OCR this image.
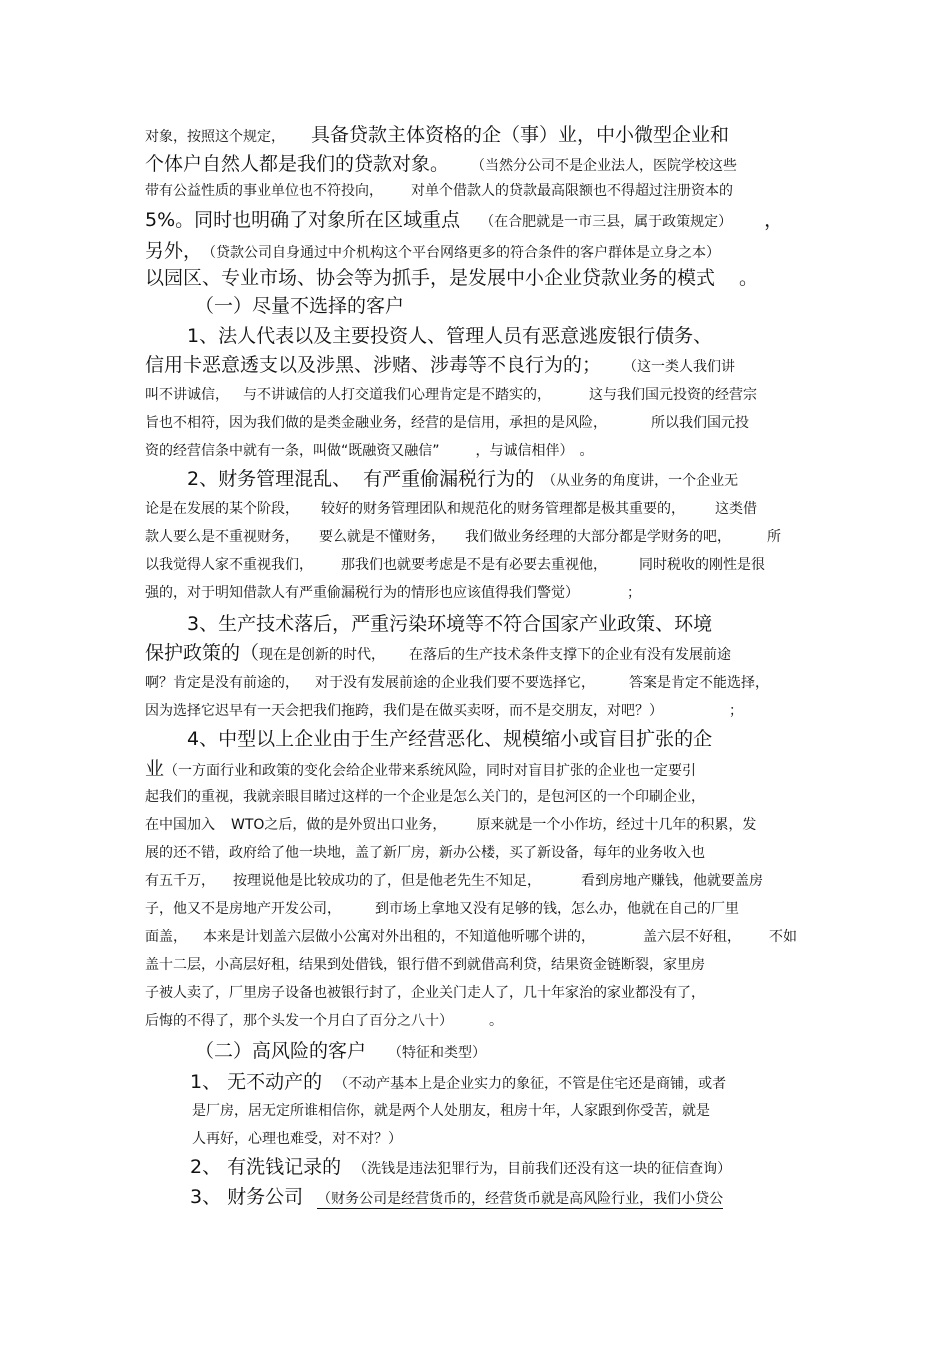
对象，按照这个规定， 具备贷款主体资格的企（事）业，中小微型企业和
个体户自然人都是我们的贷款对象。 （当然分公司不是企业法人，医院学校这些
带有公益性质的事业单位也不符投向， 对单个借款人的贷款最高限额也不得超过注册资本的
5%。同时也明确了对象所在区域重点 （在合肥就是一市三县，属于政策规定） ，
另外， （贷款公司自身通过中介机构这个平台网络更多的符合条件的客户群体是立身之本）
以园区、专业市场、协会等为抓手，是发展中小企业贷款业务的模式 。
（一）尽量不选择的客户
1、法人代表以及主要投资人、管理人员有恶意逃废银行债务、
信用卡恶意透支以及涉黑、涉赌、涉毒等不良行为的； （这一类人我们讲
叫不讲诚信， 与不讲诚信的人打交道我们心理肯定是不踏实的，	这与我们国元投资的经营宗
旨也不相符，因为我们做的是类金融业务，经营的是信用，承担的是风险，	所以我们国元投
资的经营信条中就有一条，叫做“既融资又融信”	，与诚信相伴） 。
2、财务管理混乱、 有严重偷漏税行为的 （从业务的角度讲，一个企业无
论是在发展的某个阶段， 较好的财务管理团队和规范化的财务管理都是极其重要的， 这类借
款人要么是不重视财务， 要么就是不懂财务， 我们做业务经理的大部分都是学财务的吧，	所
以我觉得人家不重视我们， 那我们也就要考虑是不是有必要去重视他， 同时税收的刚性是很
强的，对于明知借款人有严重偷漏税行为的情形也应该值得我们警觉）	；
3、生产技术落后，严重污染环境等不符合国家产业政策、环境
保护政策的（ 现在是创新的时代， 在落后的生产技术条件支撑下的企业有没有发展前途
啊？肯定是没有前途的， 对于没有发展前途的企业我们要不要选择它， 答案是肯定不能选择，
因为选择它迟早有一天会把我们拖跨，我们是在做买卖呀，而不是交朋友，对吧？）	；
4、中型以上企业由于生产经营恶化、规模缩小或盲目扩张的企
业 （一方面行业和政策的变化会给企业带来系统风险，同时对盲目扩张的企业也一定要引
起我们的重视，我就亲眼目睹过这样的一个企业是怎么关门的，是包河区的一个印刷企业，
在中国加入 WTO之后，做的是外贸出口业务， 原来就是一个小作坊，经过十几年的积累，发
展的还不错，政府给了他一块地，盖了新厂房，新办公楼，买了新设备，每年的业务收入也
有五千万， 按理说他是比较成功的了，但是他老先生不知足，	看到房地产赚钱，他就要盖房
子，他又不是房地产开发公司， 到市场上拿地又没有足够的钱，怎么办，他就在自己的厂里
面盖， 本来是计划盖六层做小公寓对外出租的，不知道他听哪个讲的，	盖六层不好租， 不如
盖十二层，小高层好租，结果到处借钱，银行借不到就借高利贷，结果资金链断裂，家里房
子被人卖了，厂里房子设备也被银行封了，企业关门走人了，几十年家治的家业都没有了，
后悔的不得了，那个头发一个月白了百分之八十）	。
（二）高风险的客户 （特征和类型）
1、 无不动产的 （不动产基本上是企业实力的象征，不管是住宅还是商铺，或者
是厂房，居无定所谁相信你，就是两个人处朋友，租房十年，人家跟到你受苦，就是
人再好，心理也难受，对不对？）
2、 有洗钱记录的 （洗钱是违法犯罪行为，目前我们还没有这一块的征信查询）
3、 财务公司 （财务公司是经营货币的，经营货币就是高风险行业，我们小贷公
